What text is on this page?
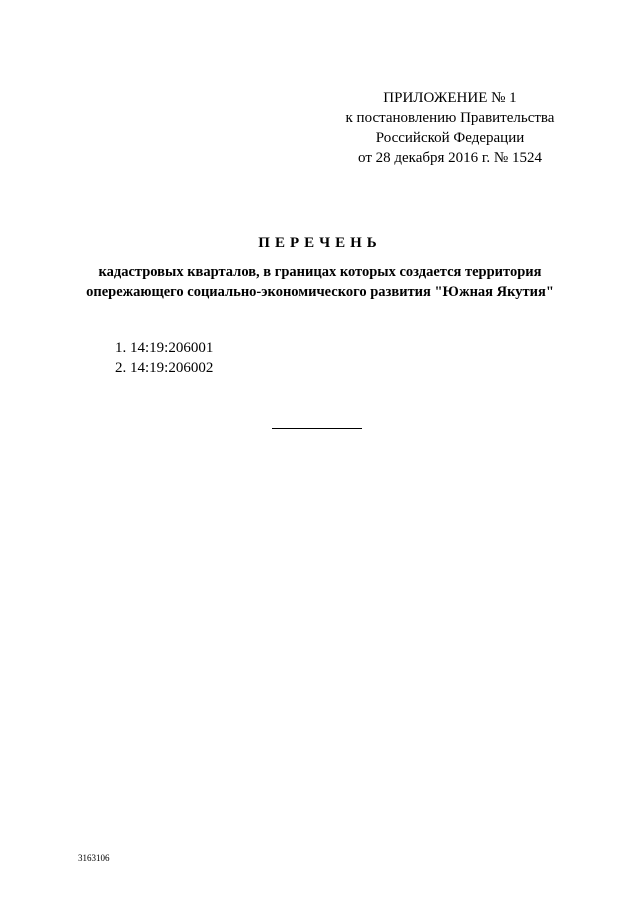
ПРИЛОЖЕНИЕ № 1
к постановлению Правительства
Российской Федерации
от 28 декабря 2016 г. № 1524
ПЕРЕЧЕНЬ
кадастровых кварталов, в границах которых создается территория
опережающего социально-экономического развития "Южная Якутия"
1. 14:19:206001
2. 14:19:206002
3163106
